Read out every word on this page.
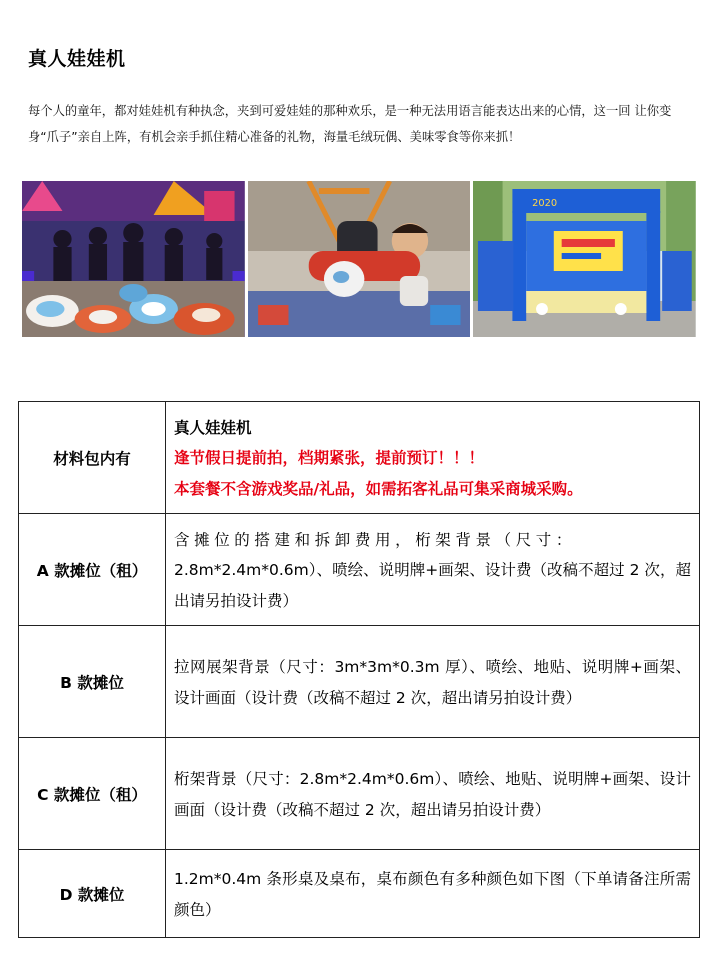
真人娃娃机
每个人的童年，都对娃娃机有种执念，夹到可爱娃娃的那种欢乐，是一种无法用语言能表达出来的心情，这一回 让你变身“爪子”亲自上阵，有机会亲手抓住精心准备的礼物，海量毛绒玩偶、美味零食等你来抓！
2020
材料包内有	真人娃娃机
逢节假日提前拍，档期紧张，提前预订！！！
本套餐不含游戏奖品/礼品，如需拓客礼品可集采商城采购。

A 款摊位（租）	含摊位的搭建和拆卸费用，桁架背景（尺寸：
2.8m*2.4m*0.6m）、喷绘、说明牌+画架、设计费（改稿不超过 2 次，超出请另拍设计费）

B 款摊位	拉网展架背景（尺寸：3m*3m*0.3m 厚）、喷绘、地贴、说明牌+画架、设计画面（设计费（改稿不超过 2 次，超出请另拍设计费）
C 款摊位（租）	桁架背景（尺寸：2.8m*2.4m*0.6m）、喷绘、地贴、说明牌+画架、设计画面（设计费（改稿不超过 2 次，超出请另拍设计费）
D 款摊位	1.2m*0.4m 条形桌及桌布，桌布颜色有多种颜色如下图（下单请备注所需颜色）
